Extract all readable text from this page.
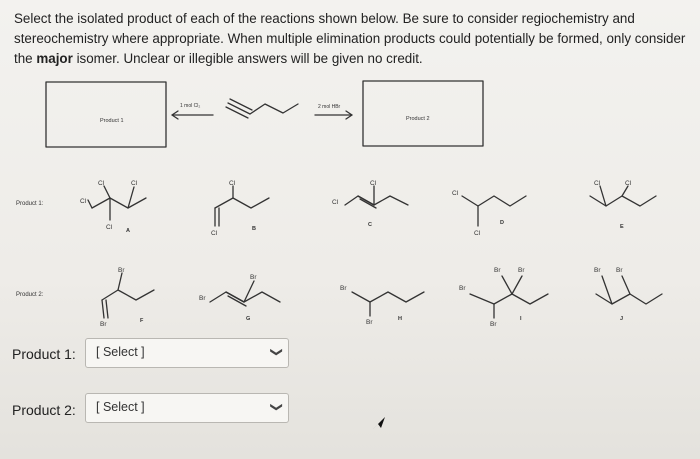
Select the isolated product of each of the reactions shown below. Be sure to consider regiochemistry and stereochemistry where appropriate. When multiple elimination products could potentially be formed, only consider the major isomer. Unclear or illegible answers will be given no credit.
Product 1	Product 2
1 mol Cl₂	2 mol HBr
Cl
Cl	Cl
Cl
Cl
Cl
Cl
Cl
Cl
Cl
Cl	Cl
Br
Br
Br
Br
Br
Br
Br
Br
Br	Br	Br Br
A	B
C	D
E
F	G	H	I	J
Product 1:
Product 2:
Product 1: [ Select ]	❯
Product 2: [ Select ]	❯
